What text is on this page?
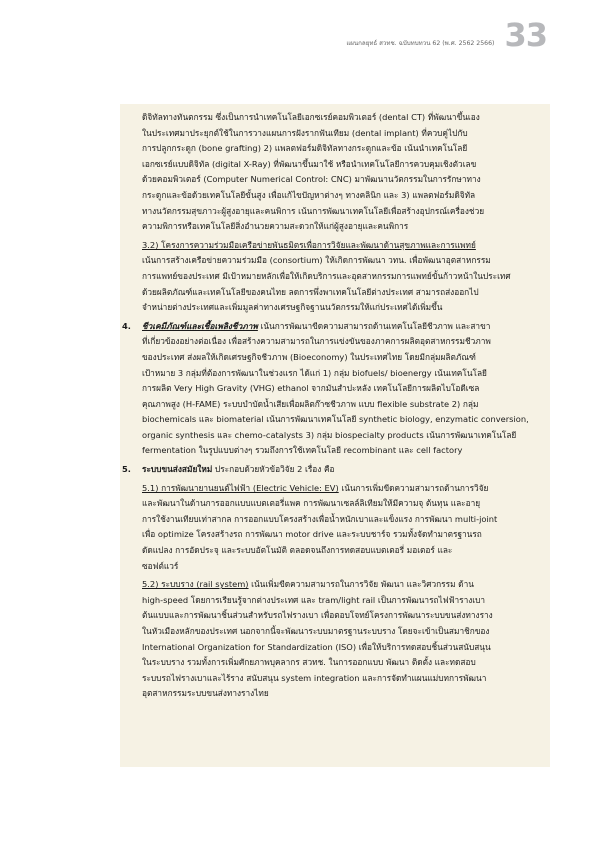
แผนกลยุทธ์ สวทช. ฉบับทบทวน 62 (พ.ศ. 2562 2566) 33
ดิจิทัลทางทันตกรรม ซึ่งเป็นการนำเทคโนโลยีเอกซเรย์คอมพิวเตอร์ (dental CT) ที่พัฒนาขึ้นเอง
ในประเทศมาประยุกต์ใช้ในการวางแผนการฝังรากฟันเทียม (dental implant) ที่ควบคู่ไปกับ
การปลูกกระดูก (bone grafting) 2) แพลตฟอร์มดิจิทัลทางกระดูกและข้อ เน้นนำเทคโนโลยี
เอกซเรย์แบบดิจิทัล (digital X-Ray) ที่พัฒนาขึ้นมาใช้ หรือนำเทคโนโลยีการควบคุมเชิงตัวเลข
ด้วยคอมพิวเตอร์ (Computer Numerical Control: CNC) มาพัฒนานวัตกรรมในการรักษาทาง
กระดูกและข้อด้วยเทคโนโลยีขั้นสูง เพื่อแก้ไขปัญหาต่างๆ ทางคลินิก และ 3) แพลตฟอร์มดิจิทัล
ทางนวัตกรรมสุขภาวะผู้สูงอายุและคนพิการ เน้นการพัฒนาเทคโนโลยีเพื่อสร้างอุปกรณ์เครื่องช่วย
ความพิการหรือเทคโนโลยีสิ่งอำนวยความสะดวกให้แก่ผู้สูงอายุและคนพิการ
3.2) โครงการความร่วมมือเครือข่ายพันธมิตรเพื่อการวิจัยและพัฒนาด้านสุขภาพและการแพทย์
เน้นการสร้างเครือข่ายความร่วมมือ (consortium) ให้เกิดการพัฒนา วทน. เพื่อพัฒนาอุตสาหกรรม
การแพทย์ของประเทศ มีเป้าหมายหลักเพื่อให้เกิดบริการและอุตสาหกรรมการแพทย์ขั้นก้าวหน้าในประเทศ
ด้วยผลิตภัณฑ์และเทคโนโลยีของคนไทย ลดการพึ่งพาเทคโนโลยีต่างประเทศ สามารถส่งออกไป
จำหน่ายต่างประเทศและเพิ่มมูลค่าทางเศรษฐกิจฐานนวัตกรรมให้แก่ประเทศได้เพิ่มขึ้น
4. ชีวเคมีภัณฑ์และเชื้อเพลิงชีวภาพ เน้นการพัฒนาขีดความสามารถด้านเทคโนโลยีชีวภาพ และสาขา
ที่เกี่ยวข้องอย่างต่อเนื่อง เพื่อสร้างความสามารถในการแข่งขันของภาคการผลิตอุตสาหกรรมชีวภาพ
ของประเทศ ส่งผลให้เกิดเศรษฐกิจชีวภาพ (Bioeconomy) ในประเทศไทย โดยมีกลุ่มผลิตภัณฑ์
เป้าหมาย 3 กลุ่มที่ต้องการพัฒนาในช่วงแรก ได้แก่ 1) กลุ่ม biofuels/ bioenergy เน้นเทคโนโลยี
การผลิต Very High Gravity (VHG) ethanol จากมันสำปะหลัง เทคโนโลยีการผลิตไบโอดีเซล
คุณภาพสูง (H-FAME) ระบบบำบัดน้ำเสียเพื่อผลิตก๊าซชีวภาพ แบบ flexible substrate 2) กลุ่ม
biochemicals และ biomaterial เน้นการพัฒนาเทคโนโลยี synthetic biology, enzymatic conversion,
organic synthesis และ chemo-catalysts 3) กลุ่ม biospecialty products เน้นการพัฒนาเทคโนโลยี
fermentation ในรูปแบบต่างๆ รวมถึงการใช้เทคโนโลยี recombinant และ cell factory
5. ระบบขนส่งสมัยใหม่ ประกอบด้วยหัวข้อวิจัย 2 เรื่อง คือ
5.1) การพัฒนายานยนต์ไฟฟ้า (Electric Vehicle: EV) เน้นการเพิ่มขีดความสามารถด้านการวิจัย
และพัฒนาในด้านการออกแบบแบตเตอรี่แพค การพัฒนาเซลล์ลิเทียมให้มีความจุ ต้นทุน และอายุ
การใช้งานเทียบเท่าสากล การออกแบบโครงสร้างเพื่อน้ำหนักเบาและแข็งแรง การพัฒนา multi-joint
เพื่อ optimize โครงสร้างรถ การพัฒนา motor drive และระบบชาร์จ รวมทั้งจัดทำมาตรฐานรถ
ดัดแปลง การอัดประจุ และระบบอัตโนมัติ ตลอดจนถึงการทดสอบแบตเตอรี่ มอเตอร์ และ
ซอฟต์แวร์
5.2) ระบบราง (rail system) เน้นเพิ่มขีดความสามารถในการวิจัย พัฒนา และวิศวกรรม ด้าน
high-speed โดยการเรียนรู้จากต่างประเทศ และ tram/light rail เป็นการพัฒนารถไฟฟ้ารางเบา
ต้นแบบและการพัฒนาชิ้นส่วนสำหรับรถไฟรางเบา เพื่อตอบโจทย์โครงการพัฒนาระบบขนส่งทางราง
ในหัวเมืองหลักของประเทศ นอกจากนี้จะพัฒนาระบบมาตรฐานระบบราง โดยจะเข้าเป็นสมาชิกของ
International Organization for Standardization (ISO) เพื่อให้บริการทดสอบชิ้นส่วนสนับสนุน
ในระบบราง รวมทั้งการเพิ่มศักยภาพบุคลากร สวทช. ในการออกแบบ พัฒนา ติดตั้ง และทดสอบ
ระบบรถไฟรางเบาและไร้ราง สนับสนุน system integration และการจัดทำแผนแม่บทการพัฒนา
อุตสาหกรรมระบบขนส่งทางรางไทย
